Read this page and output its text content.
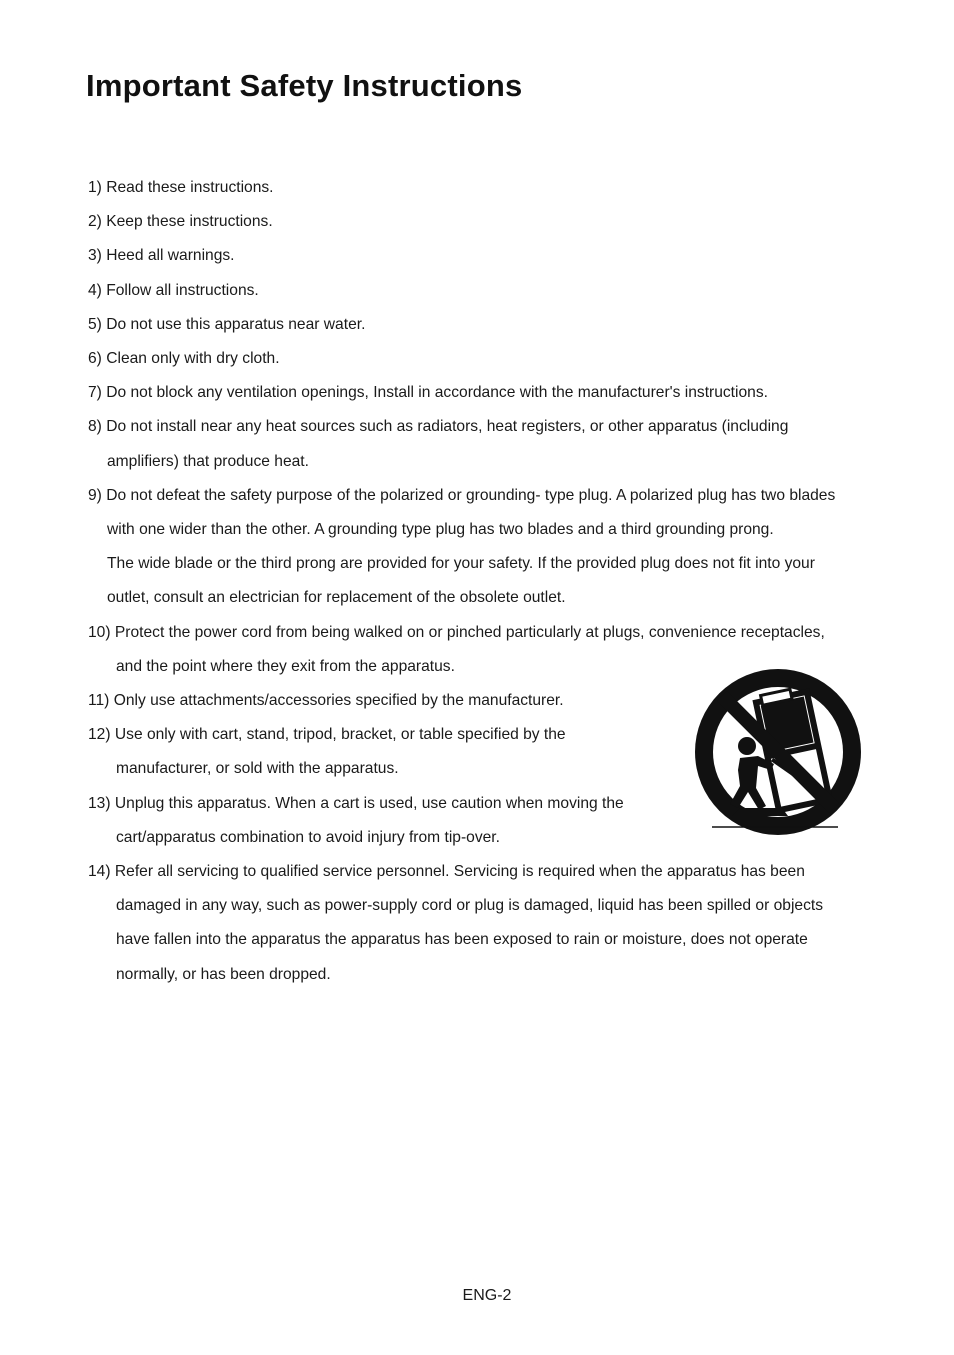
Important Safety Instructions
1) Read these instructions.
2) Keep these instructions.
3) Heed all warnings.
4) Follow all instructions.
5) Do not use this apparatus near water.
6) Clean only with dry cloth.
7) Do not block any ventilation openings, Install in accordance with the manufacturer's instructions.
8) Do not install near any heat sources such as radiators, heat registers, or other apparatus (including
amplifiers) that produce heat.
9) Do not defeat the safety purpose of the polarized or grounding- type plug. A polarized plug has two blades
with one wider than the other. A grounding type plug has two blades and a third grounding prong.
The wide blade or the third prong are provided for your safety. If the provided plug does not fit into your
outlet, consult an electrician for replacement of the obsolete outlet.
10) Protect the power cord from being walked on or pinched particularly at plugs, convenience receptacles,
and the point where they exit from the apparatus.
11) Only use attachments/accessories specified by the manufacturer.
12) Use only with cart, stand, tripod, bracket, or table specified by the
manufacturer, or sold with the apparatus.
13) Unplug this apparatus. When a cart is used, use caution when moving the
cart/apparatus combination to avoid injury from tip-over.
14) Refer all servicing to qualified service personnel. Servicing is required when the apparatus has been
damaged in any way, such as power-supply cord or plug is damaged, liquid has been spilled or objects
have fallen into the apparatus the apparatus has been exposed to rain or moisture, does not operate
normally, or has been dropped.
ENG-2
